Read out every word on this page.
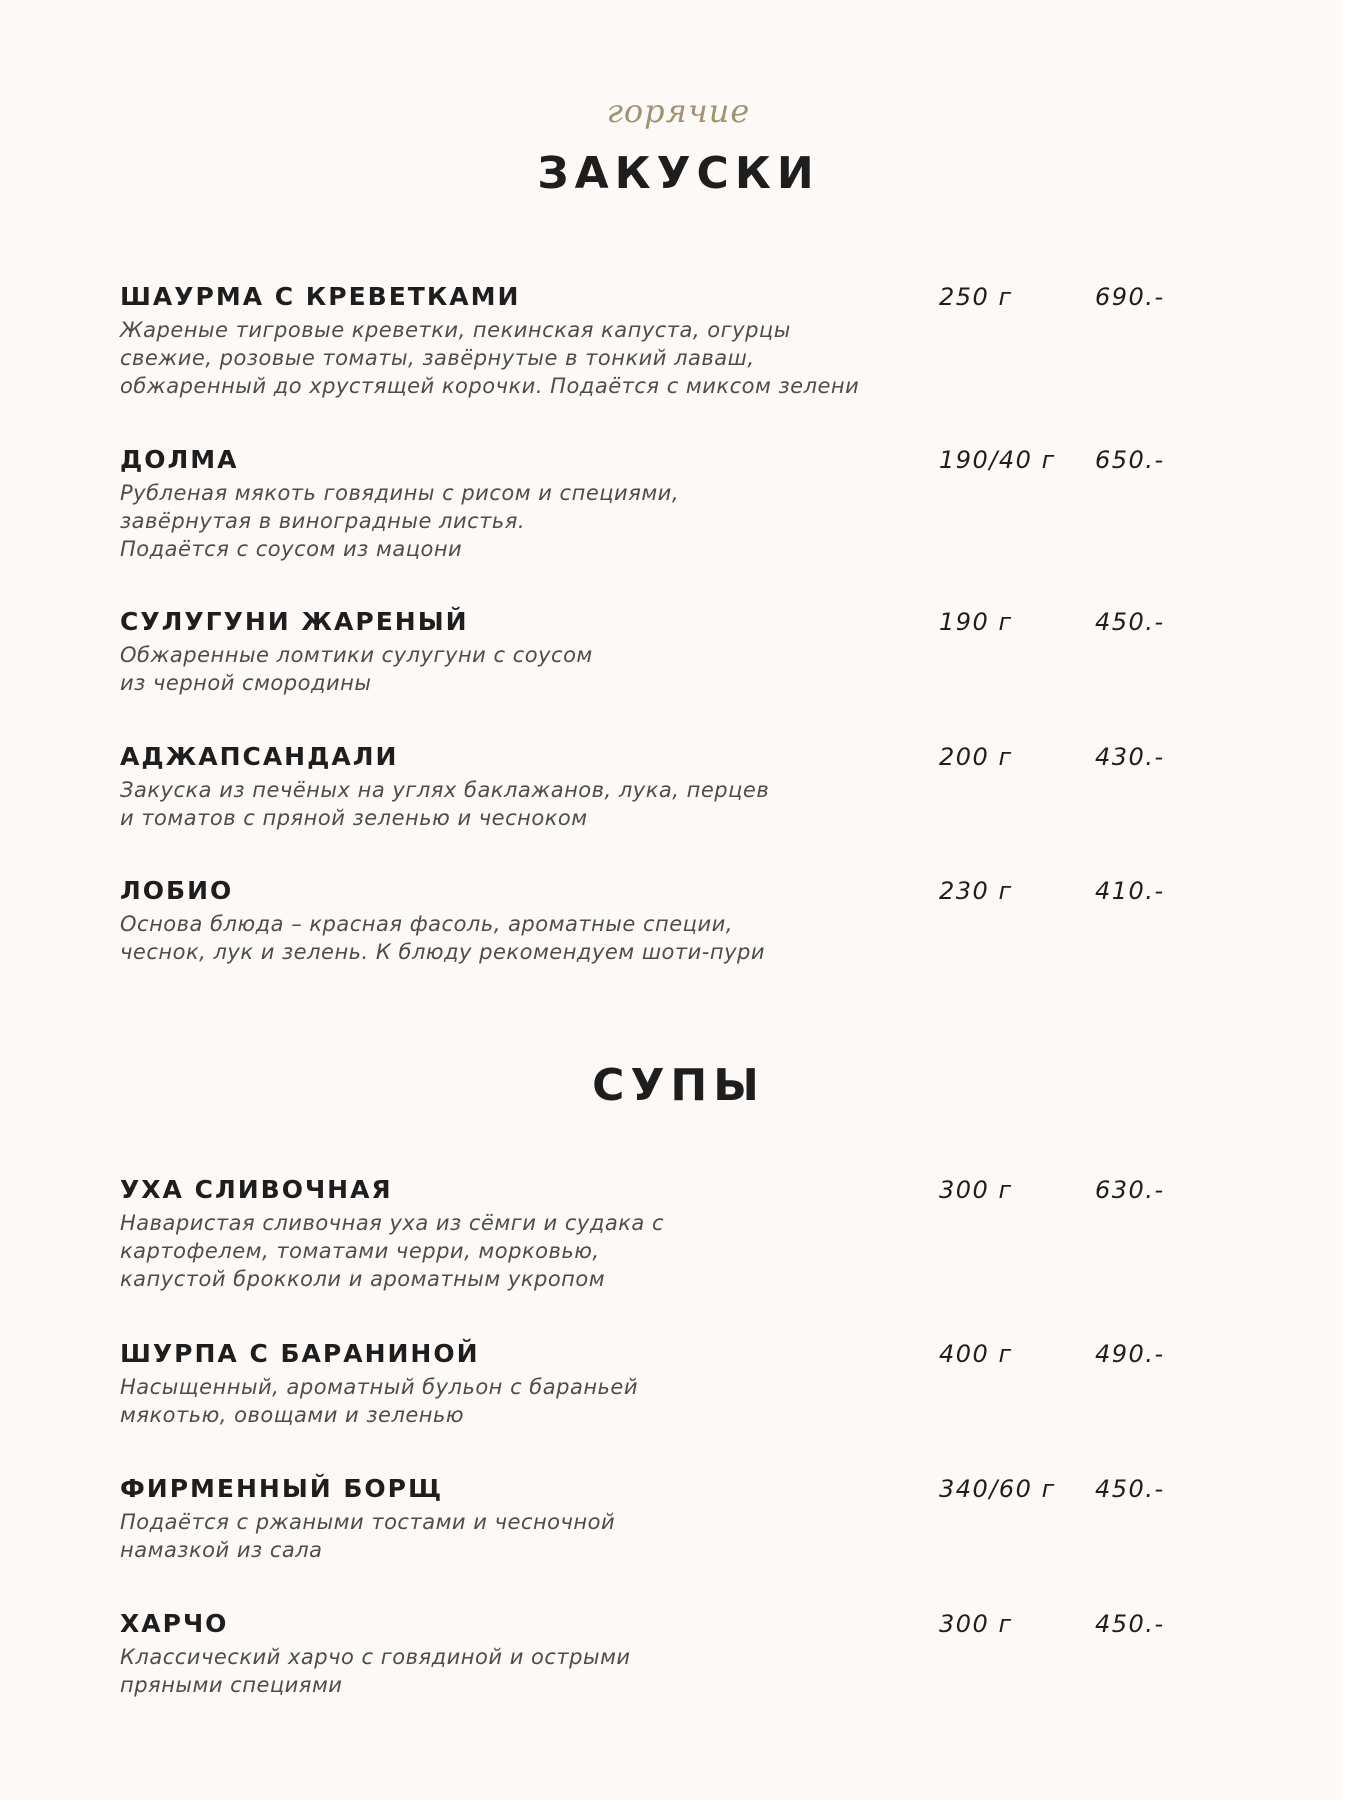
горячие
ЗАКУСКИ
ШАУРМА С КРЕВЕТКАМИ
Жареные тигровые креветки, пекинская капуста, огурцы
свежие, розовые томаты, завёрнутые в тонкий лаваш,
обжаренный до хрустящей корочки. Подаётся с миксом зелени
250 г	690.-
ДОЛМА
Рубленая мякоть говядины с рисом и специями,
завёрнутая в виноградные листья.
Подаётся с соусом из мацони
190/40 г 650.-
СУЛУГУНИ ЖАРЕНЫЙ
Обжаренные ломтики сулугуни с соусом
из черной смородины
190 г	450.-
АДЖАПСАНДАЛИ
Закуска из печёных на углях баклажанов, лука, перцев
и томатов с пряной зеленью и чесноком
200 г	430.-
ЛОБИО
Основа блюда – красная фасоль, ароматные специи,
чеснок, лук и зелень. К блюду рекомендуем шоти-пури
230 г	410.-
СУПЫ
УХА СЛИВОЧНАЯ
Наваристая сливочная уха из сёмги и судака с
картофелем, томатами черри, морковью,
капустой брокколи и ароматным укропом
300 г	630.-
ШУРПА С БАРАНИНОЙ
Насыщенный, ароматный бульон с бараньей
мякотью, овощами и зеленью
400 г	490.-
ФИРМЕННЫЙ БОРЩ
Подаётся с ржаными тостами и чесночной
намазкой из сала
340/60 г 450.-
ХАРЧО
Классический харчо с говядиной и острыми
пряными специями
300 г	450.-
